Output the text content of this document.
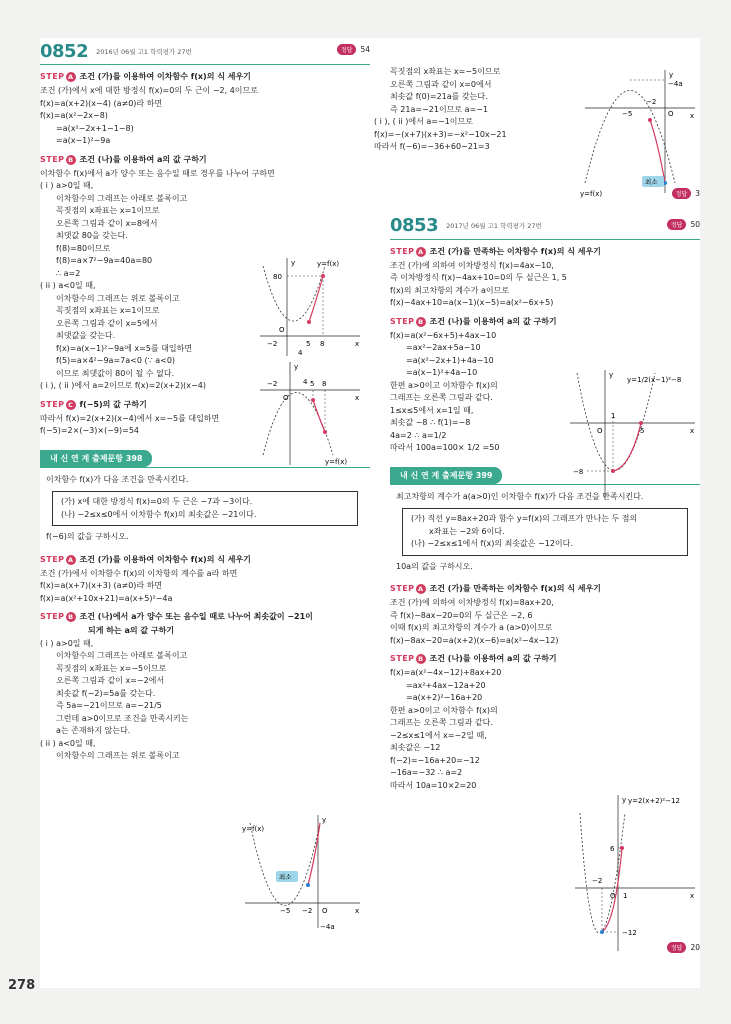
0852 2016년 06월 고1 학력평가 27번	정답	54
STEP A 조건 (가)를 이용하여 이차함수 f(x)의 식 세우기
조건 (가)에서 x에 대한 방정식 f(x)=0의 두 근이 −2, 4이므로
f(x)=a(x+2)(x−4) (a≠0)라 하면
f(x)=a(x²−2x−8)
=a(x²−2x+1−1−8)
=a(x−1)²−9a
STEP B 조건 (나)를 이용하여 a의 값 구하기
이차함수 f(x)에서 a가 양수 또는 음수일 때로 경우를 나누어 구하면
( i ) a>0일 때,
이차함수의 그래프는 아래로 볼록이고
꼭짓점의 x좌표는 x=1이므로
오른쪽 그림과 같이 x=8에서
최댓값 80을 갖는다.
f(8)=80이므로
f(8)=a×7²−9a=40a=80
∴ a=2
( ii ) a<0일 때,
이차함수의 그래프는 위로 볼록이고
꼭짓점의 x좌표는 x=1이므로
오른쪽 그림과 같이 x=5에서
최댓값을 갖는다.
f(x)=a(x−1)²−9a에 x=5를 대입하면
f(5)=a×4²−9a=7a<0 (∵ a<0)
이므로 최댓값이 80이 될 수 없다.
( i ), ( ii )에서 a=2이므로 f(x)=2(x+2)(x−4)
STEP C f(−5)의 값 구하기
따라서 f(x)=2(x+2)(x−4)에서 x=−5를 대입하면
f(−5)=2×(−3)×(−9)=54
내 신 연 계 출제문항 398
이차함수 f(x)가 다음 조건을 만족시킨다.
(가) x에 대한 방정식 f(x)=0의 두 근은 −7과 −3이다.
(나) −2≤x≤0에서 이차함수 f(x)의 최솟값은 −21이다.
f(−6)의 값을 구하시오.
STEP A 조건 (가)를 이용하여 이차함수 f(x)의 식 세우기
조건 (가)에서 이차함수 f(x)의 이차항의 계수를 a라 하면
f(x)=a(x+7)(x+3) (a≠0)라 하면
f(x)=a(x²+10x+21)=a(x+5)²−4a
STEP B 조건 (나)에서 a가 양수 또는 음수일 때로 나누어 최솟값이 −21이
되게 하는 a의 값 구하기
( i ) a>0일 때,
이차함수의 그래프는 아래로 볼록이고
꼭짓점의 x좌표는 x=−5이므로
오른쪽 그림과 같이 x=−2에서
최솟값 f(−2)=5a를 갖는다.
즉 5a=−21이므로 a=−21/5
그런데 a>0이므로 조건을 만족시키는
a는 존재하지 않는다.
( ii ) a<0일 때,
이차함수의 그래프는 위로 볼록이고
y
x
y=f(x)
80
O
−2	5 8
4
y
x
y=f(x)
O
−2	4 5 8
최소
y
x
y=f(x)
−5 −2 O
−4a
278
꼭짓점의 x좌표는 x=−5이므로
오른쪽 그림과 같이 x=0에서
최솟값 f(0)=21a를 갖는다.
즉 21a=−21이므로 a=−1
( i ), ( ii )에서 a=−1이므로
f(x)=−(x+7)(x+3)=−x²−10x−21
따라서 f(−6)=−36+60−21=3
최소
y
x
y=f(x)
−5
−2
O
−4a
정답	3
0853 2017년 06월 고1 학력평가 27번	정답	50
STEP A 조건 (가)를 만족하는 이차함수 f(x)의 식 세우기
조건 (가)에 의하여 이차방정식 f(x)=4ax−10,
즉 이차방정식 f(x)−4ax+10=0의 두 실근은 1, 5
f(x)의 최고차항의 계수가 a이므로
f(x)−4ax+10=a(x−1)(x−5)=a(x²−6x+5)
STEP B 조건 (나)를 이용하여 a의 값 구하기
f(x)=a(x²−6x+5)+4ax−10
=ax²−2ax+5a−10
=a(x²−2x+1)+4a−10
=a(x−1)²+4a−10
한편 a>0이고 이차함수 f(x)의
그래프는 오른쪽 그림과 같다.
1≤x≤5에서 x=1일 때,
최솟값 −8 ∴ f(1)=−8
4a=2 ∴ a=1/2
따라서 100a=100× 1/2 =50
y
x
y=1/2(x−1)²−8
O
1
5
−8
내 신 연 계 출제문항 399
최고차항의 계수가 a(a>0)인 이차함수 f(x)가 다음 조건을 만족시킨다.
(가) 직선 y=8ax+20과 함수 y=f(x)의 그래프가 만나는 두 점의
x좌표는 −2와 6이다.
(나) −2≤x≤1에서 f(x)의 최솟값은 −12이다.
10a의 값을 구하시오.
STEP A 조건 (가)를 만족하는 이차함수 f(x)의 식 세우기
조건 (가)에 의하여 이차방정식 f(x)=8ax+20,
즉 f(x)−8ax−20=0의 두 실근은 −2, 6
이때 f(x)의 최고차항의 계수가 a (a>0)이므로
f(x)−8ax−20=a(x+2)(x−6)=a(x²−4x−12)
STEP B 조건 (나)를 이용하여 a의 값 구하기
f(x)=a(x²−4x−12)+8ax+20
=ax²+4ax−12a+20
=a(x+2)²−16a+20
한편 a>0이고 이차함수 f(x)의
그래프는 오른쪽 그림과 같다.
−2≤x≤1에서 x=−2일 때,
최솟값은 −12
f(−2)=−16a+20=−12
−16a=−32 ∴ a=2
따라서 10a=10×2=20
y
x
y=2(x+2)²−12
O
−2
1
6
−12
정답	20
